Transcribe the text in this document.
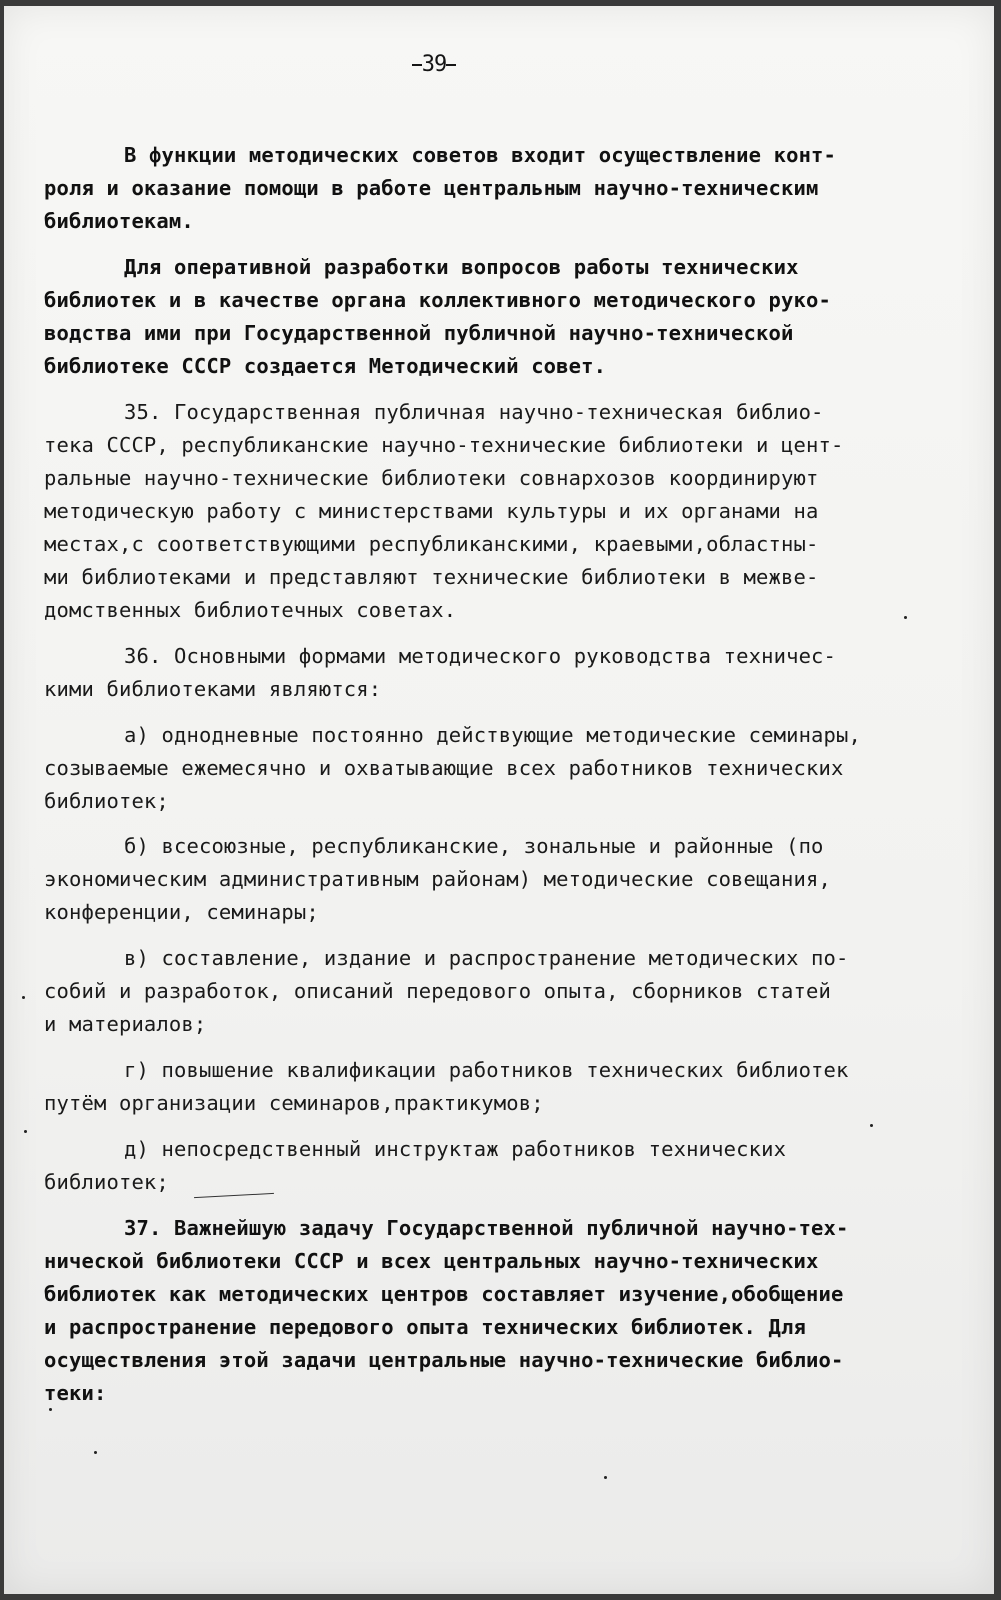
39
В функции методических советов входит осуществление конт-
роля и оказание помощи в работе центральным научно-техническим
библиотекам.
Для оперативной разработки вопросов работы технических
библиотек и в качестве органа коллективного методического руко-
водства ими при Государственной публичной научно-технической
библиотеке СССР создается Методический совет.
35. Государственная публичная научно-техническая библио-
тека СССР, республиканские научно-технические библиотеки и цент-
ральные научно-технические библиотеки совнархозов координируют
методическую работу с министерствами культуры и их органами на
местах,с соответствующими республиканскими, краевыми,областны-
ми библиотеками и представляют технические библиотеки в межве-
домственных библиотечных советах.
36. Основными формами методического руководства техничес-
кими библиотеками являются:
а) однодневные постоянно действующие методические семинары,
созываемые ежемесячно и охватывающие всех работников технических
библиотек;
б) всесоюзные, республиканские, зональные и районные (по
экономическим административным районам) методические совещания,
конференции, семинары;
в) составление, издание и распространение методических по-
собий и разработок, описаний передового опыта, сборников статей
и материалов;
г) повышение квалификации работников технических библиотек
путём организации семинаров,практикумов;
д) непосредственный инструктаж работников технических
библиотек;
37. Важнейшую задачу Государственной публичной научно-тех-
нической библиотеки СССР и всех центральных научно-технических
библиотек как методических центров составляет изучение,обобщение
и распространение передового опыта технических библиотек. Для
осуществления этой задачи центральные научно-технические библио-
теки:
